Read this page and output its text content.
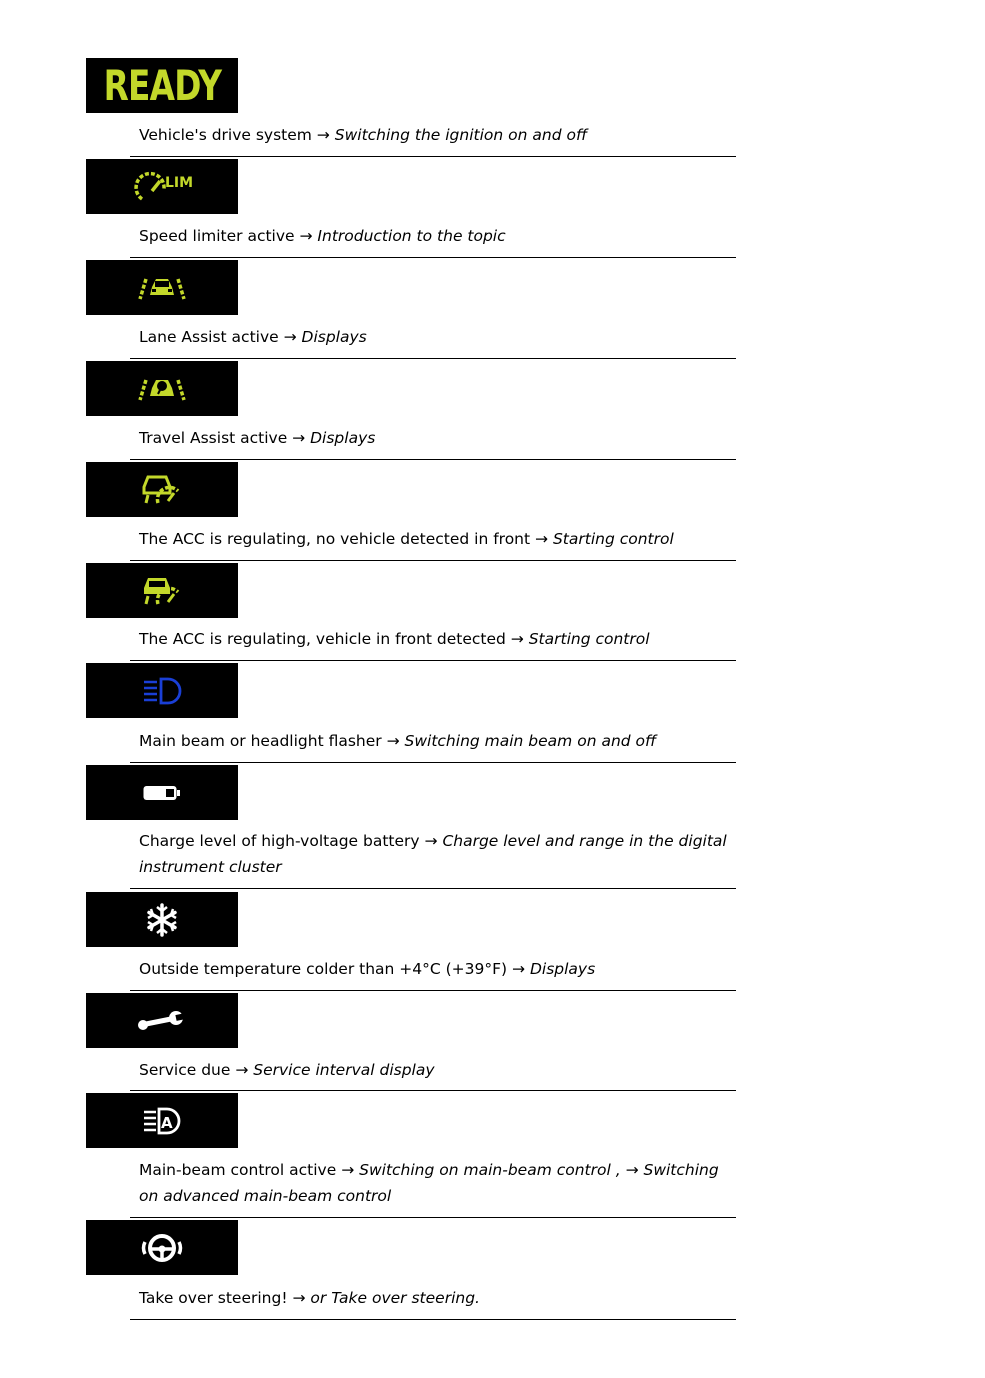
READY
Vehicle's drive system → Switching the ignition on and off
LIM
Speed limiter active → Introduction to the topic
Lane Assist active → Displays
Travel Assist active → Displays
The ACC is regulating, no vehicle detected in front → Starting control
The ACC is regulating, vehicle in front detected → Starting control
Main beam or headlight flasher → Switching main beam on and off
Charge level of high-voltage battery → Charge level and range in the digital instrument cluster
Outside temperature colder than +4°C (+39°F) → Displays
Service due → Service interval display
A
Main-beam control active → Switching on main-beam control , → Switching on advanced main-beam control
Take over steering! → or Take over steering.
